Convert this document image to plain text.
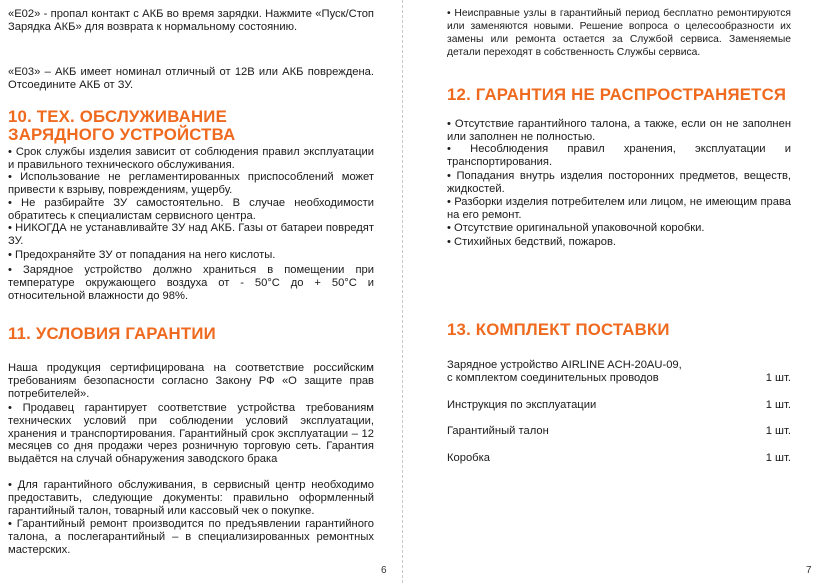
«E02» - пропал контакт с АКБ во время зарядки. Нажмите «Пуск/Стоп Зарядка АКБ» для возврата к нормальному состоянию.

«E03» – АКБ имеет номинал отличный от 12В или АКБ повреждена. Отсоедините АКБ от ЗУ.

10. ТЕХ. ОБСЛУЖИВАНИЕ
ЗАРЯДНОГО УСТРОЙСТВА

• Срок службы изделия зависит от соблюдения правил эксплуатации и правильного технического обслуживания.

• Использование не регламентированных приспособлений может привести к взрыву, повреждениям, ущербу.

• Не разбирайте ЗУ самостоятельно. В случае необходимости обратитесь к специалистам сервисного центра.

• НИКОГДА не устанавливайте ЗУ над АКБ. Газы от батареи повредят ЗУ.

• Предохраняйте ЗУ от попадания на него кислоты.

• Зарядное устройство должно храниться в помещении при температуре окружающего воздуха от - 50°C до + 50°C и относительной влажности до 98%.

11. УСЛОВИЯ ГАРАНТИИ

Наша продукция сертифицирована на соответствие российским требованиям безопасности согласно Закону РФ «О защите прав потребителей».

• Продавец гарантирует соответствие устройства требованиям технических условий при соблюдении условий эксплуатации, хранения и транспортирования. Гарантийный срок эксплуатации – 12 месяцев со дня продажи через розничную торговую сеть. Гарантия выдаётся на случай обнаружения заводского брака

• Для гарантийного обслуживания, в сервисный центр необходимо предоставить, следующие документы: правильно оформленный гарантийный талон, товарный или кассовый чек о покупке.

• Гарантийный ремонт производится по предъявлении гарантийного талона, а послегарантийный – в специализированных ремонтных мастерских.

6

• Неисправные узлы в гарантийный период бесплатно ремонтируются или заменяются новыми. Решение вопроса о целесообразности их замены или ремонта остается за Службой сервиса. Заменяемые детали переходят в собственность Службы сервиса.

12. ГАРАНТИЯ НЕ РАСПРОСТРАНЯЕТСЯ

• Отсутствие гарантийного талона, а также, если он не заполнен или заполнен не полностью.

• Несоблюдения правил хранения, эксплуатации и транспортирования.

• Попадания внутрь изделия посторонних предметов, веществ, жидкостей.

• Разборки изделия потребителем или лицом, не имеющим права на его ремонт.

• Отсутствие оригинальной упаковочной коробки.

• Стихийных бедствий, пожаров.

13. КОМПЛЕКТ ПОСТАВКИ
Зарядное устройство AIRLINE ACH-20AU-09,
с комплектом соединительных проводов	1 шт.
Инструкция по эксплуатации	1 шт.
Гарантийный талон	1 шт.
Коробка	1 шт.
7
